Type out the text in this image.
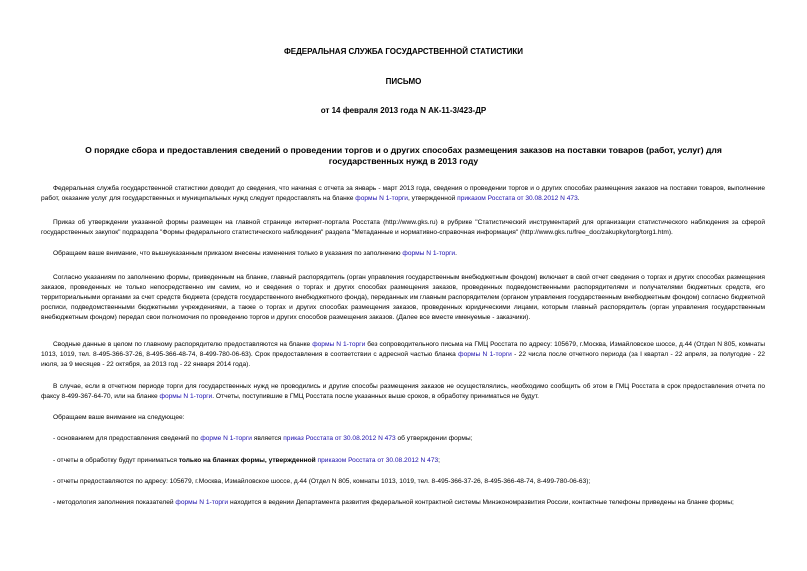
ФЕДЕРАЛЬНАЯ СЛУЖБА ГОСУДАРСТВЕННОЙ СТАТИСТИКИ
ПИСЬМО
от 14 февраля 2013 года N АК-11-3/423-ДР
О порядке сбора и предоставления сведений о проведении торгов и о других способах размещения заказов на поставки товаров (работ, услуг) для государственных нужд в 2013 году
Федеральная служба государственной статистики доводит до сведения, что начиная с отчета за январь - март 2013 года, сведения о проведении торгов и о других способах размещения заказов на поставки товаров, выполнение работ, оказание услуг для государственных и муниципальных нужд следует предоставлять на бланке формы N 1-торги, утвержденной приказом Росстата от 30.08.2012 N 473.
Приказ об утверждении указанной формы размещен на главной странице интернет-портала Росстата (http://www.gks.ru) в рубрике "Статистический инструментарий для организации статистического наблюдения за сферой государственных закупок" подраздела "Формы федерального статистического наблюдения" раздела "Метаданные и нормативно-справочная информация" (http://www.gks.ru/free_doc/zakupky/torg/torg1.htm).
Обращаем ваше внимание, что вышеуказанным приказом внесены изменения только в указания по заполнению формы N 1-торги.
Согласно указаниям по заполнению формы, приведенным на бланке, главный распорядитель (орган управления государственным внебюджетным фондом) включает в свой отчет сведения о торгах и других способах размещения заказов, проведенных не только непосредственно им самим, но и сведения о торгах и других способах размещения заказов, проведенных подведомственными распорядителями и получателями бюджетных средств, его территориальными органами за счет средств бюджета (средств государственного внебюджетного фонда), переданных им главным распорядителем (органом управления государственным внебюджетным фондом) согласно бюджетной росписи, подведомственными бюджетными учреждениями, а также о торгах и других способах размещения заказов, проведенных юридическими лицами, которым главный распорядитель (орган управления государственным внебюджетным фондом) передал свои полномочия по проведению торгов и других способов размещения заказов. (Далее все вместе именуемые - заказчики).
Сводные данные в целом по главному распорядителю предоставляются на бланке формы N 1-торги без сопроводительного письма на ГМЦ Росстата по адресу: 105679, г.Москва, Измайловское шоссе, д.44 (Отдел N 805, комнаты 1013, 1019, тел. 8-495-366-37-26, 8-495-366-48-74, 8-499-780-06-63). Срок предоставления в соответствии с адресной частью бланка формы N 1-торги - 22 числа после отчетного периода (за I квартал - 22 апреля, за полугодие - 22 июля, за 9 месяцев - 22 октября, за 2013 год - 22 января 2014 года).
В случае, если в отчетном периоде торги для государственных нужд не проводились и другие способы размещения заказов не осуществлялись, необходимо сообщить об этом в ГМЦ Росстата в срок предоставления отчета по факсу 8-499-367-64-70, или на бланке формы N 1-торги. Отчеты, поступившие в ГМЦ Росстата после указанных выше сроков, в обработку приниматься не будут.
Обращаем ваше внимание на следующее:
- основанием для предоставления сведений по форме N 1-торги является приказ Росстата от 30.08.2012 N 473 об утверждении формы;
- отчеты в обработку будут приниматься только на бланках формы, утвержденной приказом Росстата от 30.08.2012 N 473;
- отчеты предоставляются по адресу: 105679, г.Москва, Измайловское шоссе, д.44 (Отдел N 805, комнаты 1013, 1019, тел. 8-495-366-37-26, 8-495-366-48-74, 8-499-780-06-63);
- методология заполнения показателей формы N 1-торги находится в ведении Департамента развития федеральной контрактной системы Минэкономразвития России, контактные телефоны приведены на бланке формы;
